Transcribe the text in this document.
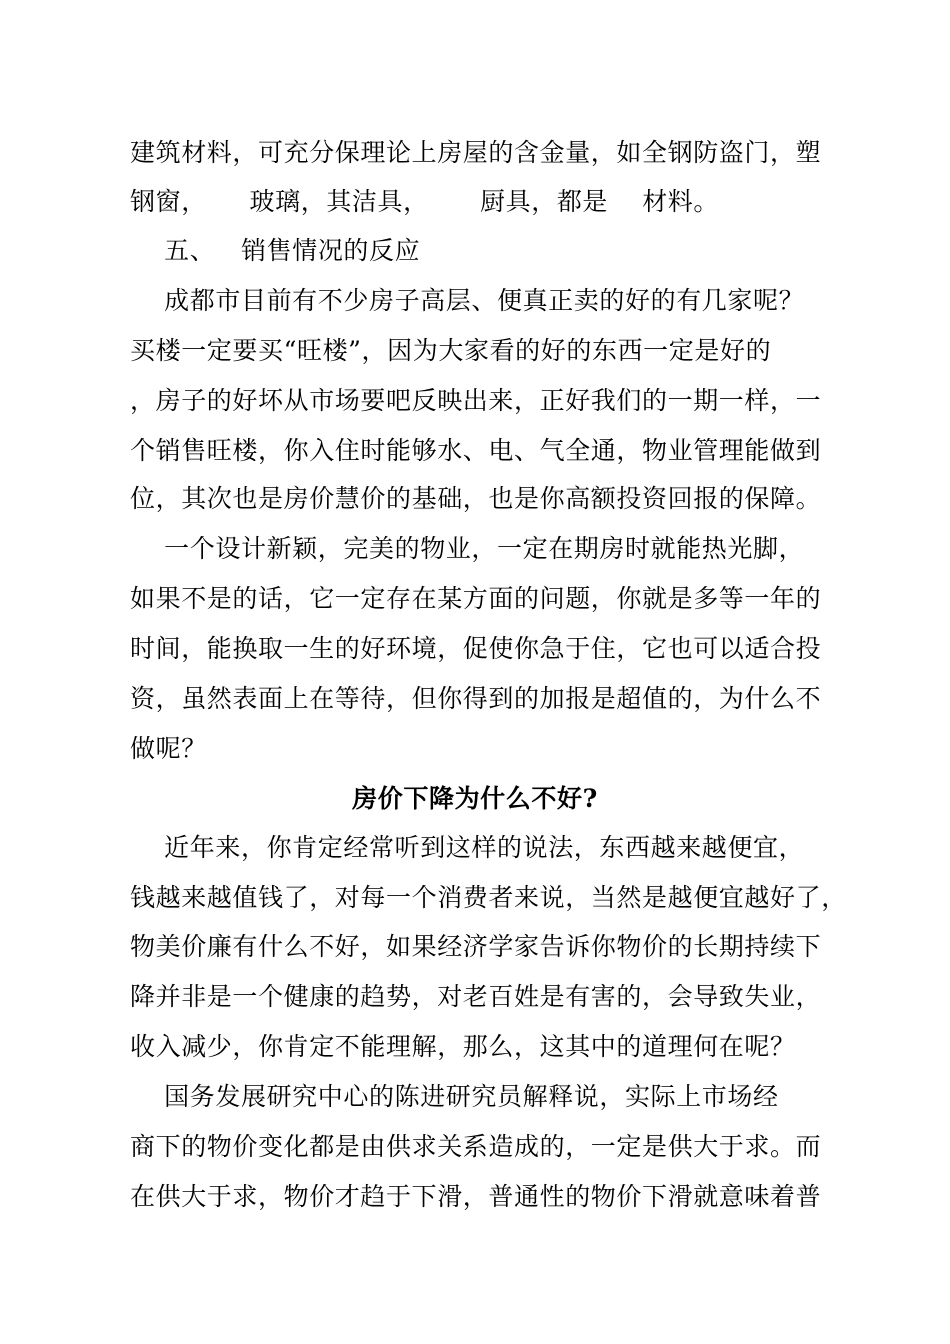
建筑材料，可充分保理论上房屋的含金量，如全钢防盗门，塑
钢窗，     玻璃，其洁具，      厨具，都是    材料。
五、   销售情况的反应
成都市目前有不少房子高层、便真正卖的好的有几家呢？
买楼一定要买“旺楼”，因为大家看的好的东西一定是好的
，房子的好坏从市场要吧反映出来，正好我们的一期一样，一
个销售旺楼，你入住时能够水、电、气全通，物业管理能做到
位，其次也是房价慧价的基础，也是你高额投资回报的保障。
一个设计新颖，完美的物业，一定在期房时就能热光脚，
如果不是的话，它一定存在某方面的问题，你就是多等一年的
时间，能换取一生的好环境，促使你急于住，它也可以适合投
资，虽然表面上在等待，但你得到的加报是超值的，为什么不
做呢？
房价下降为什么不好?
近年来，你肯定经常听到这样的说法，东西越来越便宜，
钱越来越值钱了，对每一个消费者来说，当然是越便宜越好了，
物美价廉有什么不好，如果经济学家告诉你物价的长期持续下
降并非是一个健康的趋势，对老百姓是有害的，会导致失业，
收入减少，你肯定不能理解，那么，这其中的道理何在呢？
国务发展研究中心的陈进研究员解释说，实际上市场经
商下的物价变化都是由供求关系造成的，一定是供大于求。而
在供大于求，物价才趋于下滑，普通性的物价下滑就意味着普
